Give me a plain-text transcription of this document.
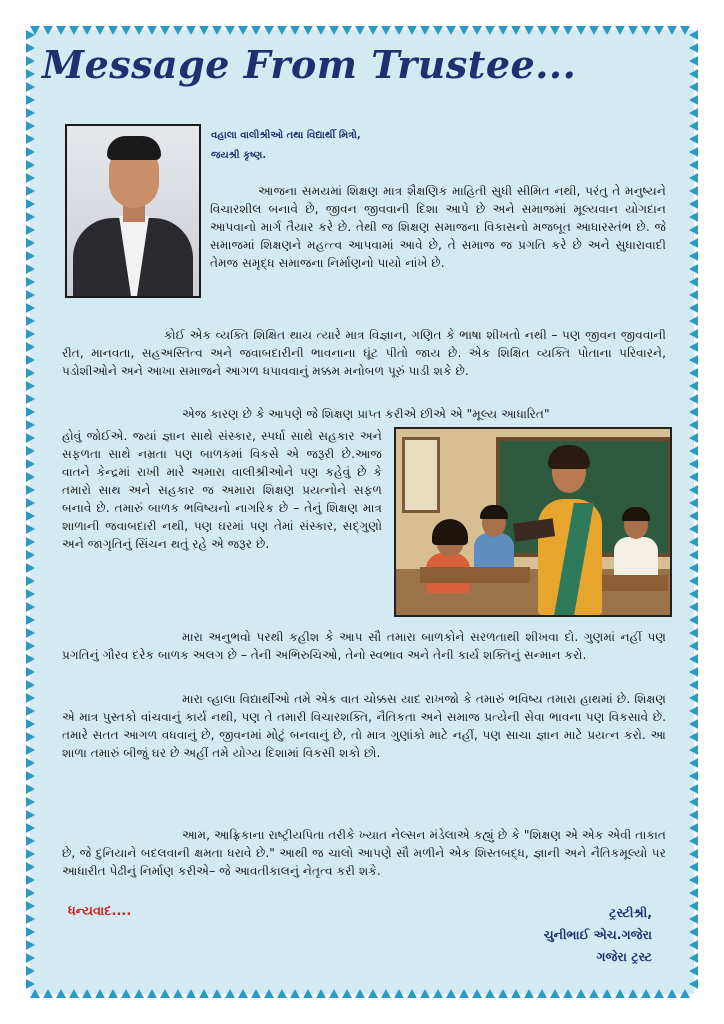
Message From Trustee...
વહાલા વાલીશ્રીઓ તથા વિદ્યાર્થી મિત્રો,
જયશ્રી કૃષ્ણ.
આજના સમયમાં શિક્ષણ માત્ર શૈક્ષણિક માહિતી સુધી સીમિત નથી, પરંતુ તે મનુષ્યને વિચારશીલ બનાવે છે, જીવન જીવવાની દિશા આપે છે અને સમાજમાં મૂલ્યવાન યોગદાન આપવાનો માર્ગ તૈયાર કરે છે. તેથી જ શિક્ષણ સમાજના વિકાસનો મજબૂત આધારસ્તંભ છે. જે સમાજમાં શિક્ષણને મહત્ત્વ આપવામાં આવે છે, તે સમાજ જ પ્રગતિ કરે છે અને સુધારાવાદી તેમજ સમૃદ્ધ સમાજના નિર્માણનો પાયો નાંખે છે.
કોઈ એક વ્યક્તિ શિક્ષિત થાય ત્યારે માત્ર વિજ્ઞાન, ગણિત કે ભાષા શીખતો નથી – પણ જીવન જીવવાની રીત, માનવતા, સહઅસ્તિત્વ અને જવાબદારીની ભાવનાના ઘૂંટ પીતો જાય છે. એક શિક્ષિત વ્યક્તિ પોતાના પરિવારને, પડોશીઓને અને આખા સમાજને આગળ ધપાવવાનું મક્કમ મનોબળ પૂરું પાડી શકે છે.
એજ કારણ છે કે આપણે જે શિક્ષણ પ્રાપ્ત કરીએ છીએ એ "મૂલ્ય આધારિત"
હોવું જોઈએ. જ્યાં જ્ઞાન સાથે સંસ્કાર, સ્પર્ધા સાથે સહકાર અને સફળતા સાથે નમ્રતા પણ બાળકમાં વિકસે એ જરૂરી છે.આજ વાતને કેન્દ્રમાં રાખી મારે અમારા વાલીશ્રીઓને પણ કહેવું છે કે તમારો સાથ અને સહકાર જ અમારા શિક્ષણ પ્રયત્નોને સફળ બનાવે છે. તમારું બાળક ભવિષ્યનો નાગરિક છે – તેનું શિક્ષણ માત્ર શાળાની જવાબદારી નથી, પણ ઘરમાં પણ તેમાં સંસ્કાર, સદ્ગુણો અને જાગૃતિનું સિંચન થતું રહે એ જરૂર છે.
મારા અનુભવો પરથી કહીશ કે આપ સૌ તમારા બાળકોને સરળતાથી શીખવા દો. ગુણમાં નહીં પણ પ્રગતિનું ગૌરવ દરેક બાળક અલગ છે – તેની અભિરુચિઓ, તેનો સ્વભાવ અને તેની કાર્ય શક્તિનું સન્માન કરો.
મારા વ્હાલા વિદ્યાર્થીઓ તમે એક વાત ચોક્કસ યાદ રાખજો કે તમારું ભવિષ્ય તમારા હાથમાં છે. શિક્ષણ એ માત્ર પુસ્તકો વાંચવાનું કાર્ય નથી, પણ તે તમારી વિચારશક્તિ, નૈતિકતા અને સમાજ પ્રત્યેની સેવા ભાવના પણ વિકસાવે છે. તમારે સતત આગળ વધવાનું છે, જીવનમાં મોટું બનવાનું છે, તો માત્ર ગુણાંકો માટે નહીં, પણ સાચા જ્ઞાન માટે પ્રયત્ન કરો. આ શાળા તમારું બીજું ઘર છે અહીં તમે યોગ્ય દિશામાં વિકસી શકો છો.
આમ, આફ્રિકાના રાષ્ટ્રીયપિતા તરીકે ખ્યાત નેલ્સન મંડેલાએ કહ્યું છે કે "શિક્ષણ એ એક એવી તાકાત છે, જે દુનિયાને બદલવાની ક્ષમતા ધરાવે છે." આથી જ ચાલો આપણે સૌ મળીને એક શિસ્તબદ્ધ, જ્ઞાની અને નૈતિકમૂલ્યો પર આધારીત પેઢીનું નિર્માણ કરીએ– જે આવતીકાલનું નેતૃત્વ કરી શકે.
ધન્યવાદ....	ટ્રસ્ટીશ્રી,
ચુનીભાઈ એચ.ગજેરા
ગજેરા ટ્રસ્ટ
